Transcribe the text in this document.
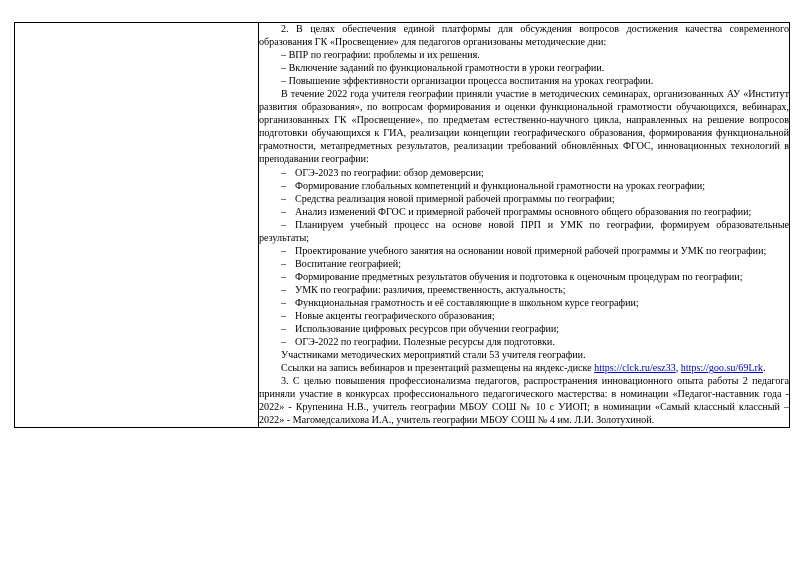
2. В целях обеспечения единой платформы для обсуждения вопросов достижения качества современного образования ГК «Просвещение» для педагогов организованы методические дни:

– ВПР по географии: проблемы и их решения.

– Включение заданий по функциональной грамотности в уроки географии.

– Повышение эффективности организации процесса воспитания на уроках географии.

В течение 2022 года учителя географии приняли участие в методических семинарах, организованных АУ «Институт развития образования», по вопросам формирования и оценки функциональной грамотности обучающихся, вебинарах, организованных ГК «Просвещение», по предметам естественно-научного цикла, направленных на решение вопросов подготовки обучающихся к ГИА, реализации концепции географического образования, формирования функциональной грамотности, метапредметных результатов, реализации требований обновлённых ФГОС, инновационных технологий в преподавании географии:

– ОГЭ-2023 по географии: обзор демоверсии;

– Формирование глобальных компетенций и функциональной грамотности на уроках географии;

– Средства реализация новой примерной рабочей программы по географии;

– Анализ изменений ФГОС и примерной рабочей программы основного общего образования по географии;

– Планируем учебный процесс на основе новой ПРП и УМК по географии, формируем образовательные результаты;

– Проектирование учебного занятия на основании новой примерной рабочей программы и УМК по географии;

– Воспитание географией;

– Формирование предметных результатов обучения и подготовка к оценочным процедурам по географии;

– УМК по географии: различия, преемственность, актуальность;

– Функциональная грамотность и её составляющие в школьном курсе географии;

– Новые акценты географического образования;

– Использование цифровых ресурсов при обучении географии;

– ОГЭ-2022 по географии. Полезные ресурсы для подготовки.

Участниками методических мероприятий стали 53 учителя географии.

Ссылки на запись вебинаров и презентаций размещены на яндекс-диске https://clck.ru/esz33, https://goo.su/69Lrk.

3. С целью повышения профессионализма педагогов, распространения инновационного опыта работы 2 педагога приняли участие в конкурсах профессионального педагогического мастерства: в номинации «Педагог-наставник года - 2022» - Крупенина Н.В., учитель географии МБОУ СОШ № 10 с УИОП; в номинации «Самый классный классный – 2022» - Магомедсалихова И.А., учитель географии МБОУ СОШ № 4 им. Л.И. Золотухиной.
